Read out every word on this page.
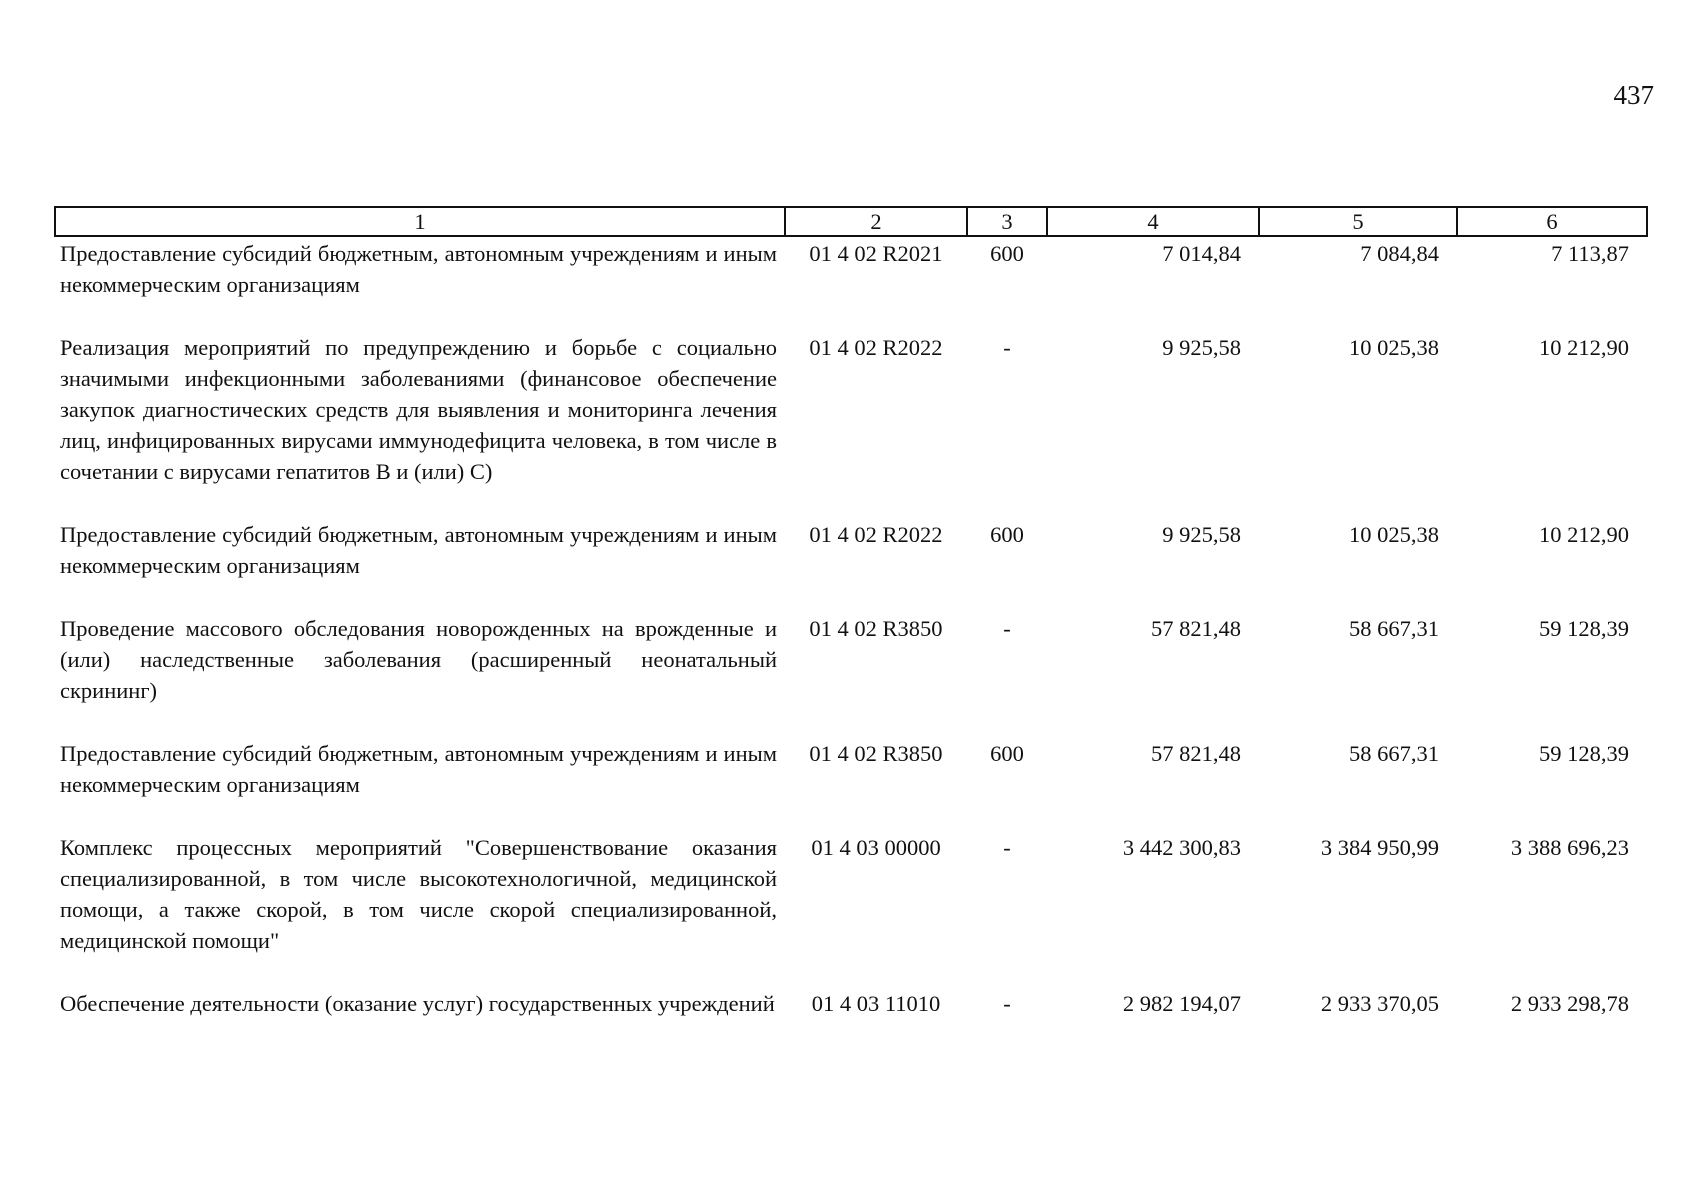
437
1	2	3	4	5	6
Предоставление субсидий бюджетным, автономным учреждениям и иным некоммерческим организациям	01 4 02 R2021	600	7 014,84	7 084,84	7 113,87

Реализация мероприятий по предупреждению и борьбе с социально значимыми инфекционными заболеваниями (финансовое обеспечение закупок диагностических средств для выявления и мониторинга лечения лиц, инфицированных вирусами иммунодефицита человека, в том числе в сочетании с вирусами гепатитов B и (или) C)	01 4 02 R2022	-	9 925,58	10 025,38	10 212,90

Предоставление субсидий бюджетным, автономным учреждениям и иным некоммерческим организациям	01 4 02 R2022	600	9 925,58	10 025,38	10 212,90

Проведение массового обследования новорожденных на врожденные и (или) наследственные заболевания (расширенный неонатальный скрининг)	01 4 02 R3850	-	57 821,48	58 667,31	59 128,39

Предоставление субсидий бюджетным, автономным учреждениям и иным некоммерческим организациям	01 4 02 R3850	600	57 821,48	58 667,31	59 128,39

Комплекс процессных мероприятий "Совершенствование оказания специализированной, в том числе высокотехнологичной, медицинской помощи, а также скорой, в том числе скорой специализированной, медицинской помощи"	01 4 03 00000	-	3 442 300,83	3 384 950,99	3 388 696,23

Обеспечение деятельности (оказание услуг) государственных учреждений	01 4 03 11010	-	2 982 194,07	2 933 370,05	2 933 298,78
